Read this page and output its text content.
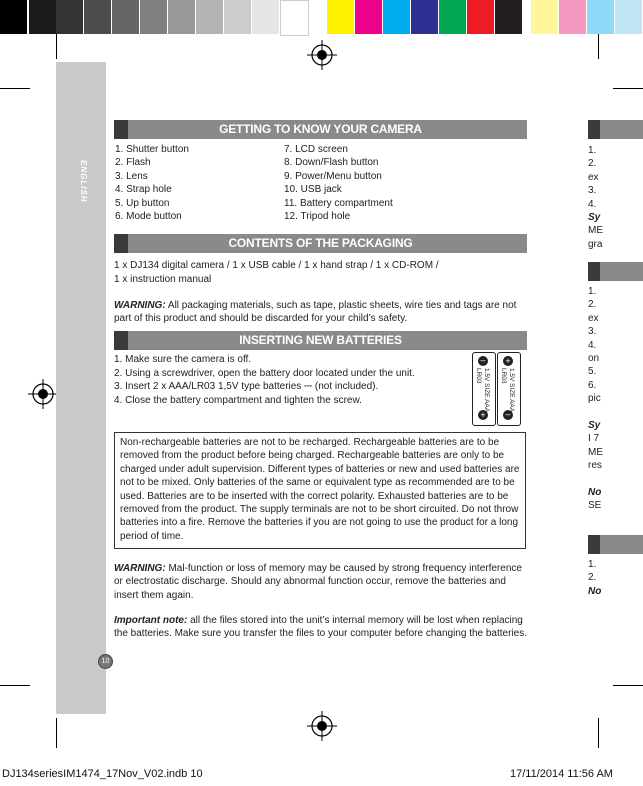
ENGLISH
10
GETTING TO KNOW YOUR CAMERA
1. Shutter button
2. Flash
3. Lens
4. Strap hole
5. Up button
6. Mode button
7. LCD screen
8. Down/Flash button
9. Power/Menu button
10. USB jack
11. Battery compartment
12. Tripod hole
CONTENTS OF THE PACKAGING
1 x DJ134 digital camera / 1 x USB cable / 1 x hand strap / 1 x CD-ROM /
1 x instruction manual
WARNING: All packaging materials, such as tape, plastic sheets, wire ties and tags are not part of this product and should be discarded for your child’s safety.
INSERTING NEW BATTERIES
1. Make sure the camera is off.
2. Using a screwdriver, open the battery door located under the unit.
3. Insert 2 x AAA/LR03 1,5V type batteries ⎓ (not included).
4. Close the battery compartment and tighten the screw.
–
+
+
–
1.5V SIZE AAA
LR03	1.5V SIZE AAA
LR03
Non-rechargeable batteries are not to be recharged. Rechargeable batteries are to be removed from the product before being charged. Rechargeable batteries are only to be charged under adult supervision. Different types of batteries or new and used batteries are not to be mixed. Only batteries of the same or equivalent type as recommended are to be used. Batteries are to be inserted with the correct polarity. Exhausted batteries are to be removed from the product. The supply terminals are not to be short circuited. Do not throw batteries into a fire. Remove the batteries if you are not going to use the product for a long period of time.
WARNING: Mal-function or loss of memory may be caused by strong frequency interference or electrostatic discharge. Should any abnormal function occur, remove the batteries and insert them again.
Important note: all the files stored into the unit’s internal memory will be lost when replacing the batteries. Make sure you transfer the files to your computer before changing the batteries.
1.
2.
ex
3.
4.
Sy
ME
gra
1.
2.
ex
3.
4.
on
5.
6.
pic
Sy
I 7
ME
res
No
SE
1.
2.
No
DJ134seriesIM1474_17Nov_V02.indb 10	17/11/2014 11:56 AM
